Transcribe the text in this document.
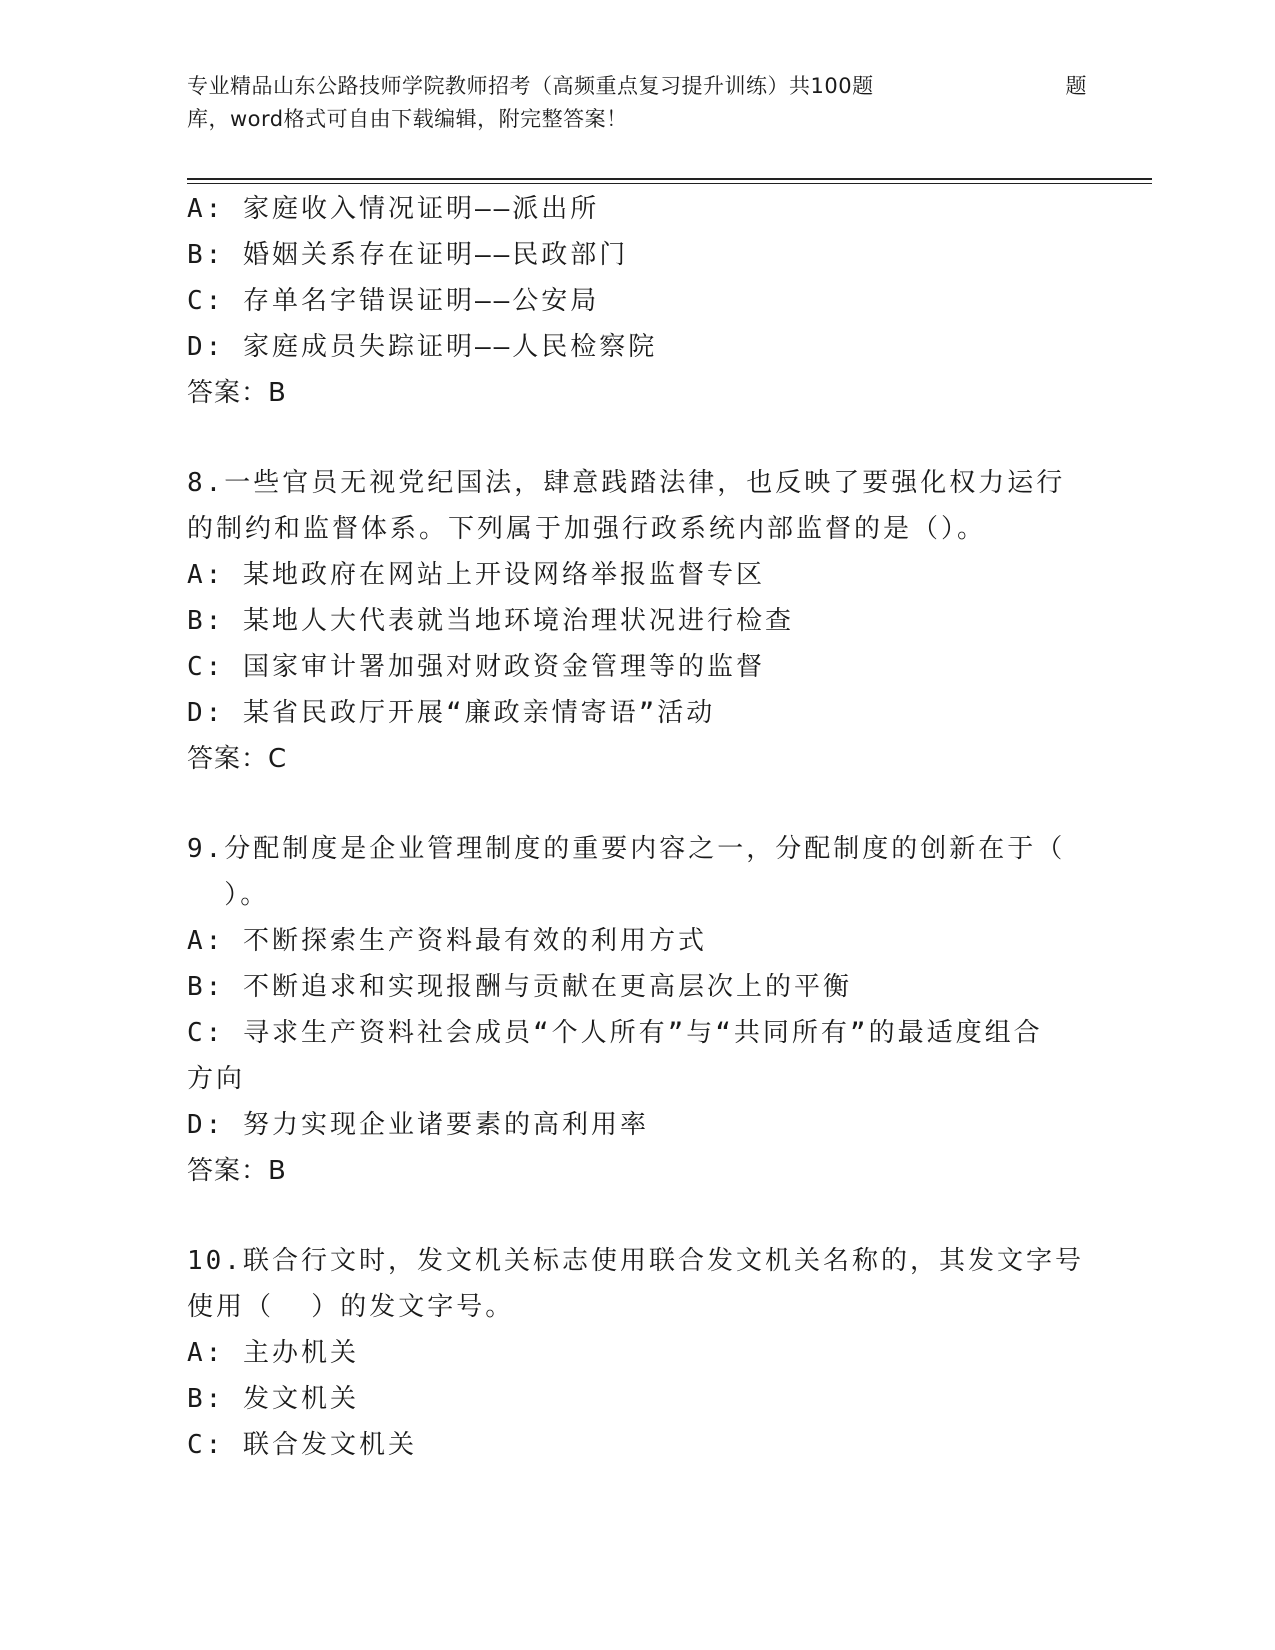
专业精品山东公路技师学院教师招考（高频重点复习提升训练）共100题	题
库，word格式可自由下载编辑，附完整答案！
A: 家庭收入情况证明——派出所
B: 婚姻关系存在证明——民政部门
C: 存单名字错误证明——公安局
D: 家庭成员失踪证明——人民检察院
答案：B
8.一些官员无视党纪国法，肆意践踏法律，也反映了要强化权力运行
的制约和监督体系。下列属于加强行政系统内部监督的是（）。
A: 某地政府在网站上开设网络举报监督专区
B: 某地人大代表就当地环境治理状况进行检查
C: 国家审计署加强对财政资金管理等的监督
D: 某省民政厅开展“廉政亲情寄语”活动
答案：C
9.分配制度是企业管理制度的重要内容之一，分配制度的创新在于（
）。
A: 不断探索生产资料最有效的利用方式
B: 不断追求和实现报酬与贡献在更高层次上的平衡
C: 寻求生产资料社会成员“个人所有”与“共同所有”的最适度组合
方向
D: 努力实现企业诸要素的高利用率
答案：B
10.联合行文时，发文机关标志使用联合发文机关名称的，其发文字号
使用（  ）的发文字号。
A: 主办机关
B: 发文机关
C: 联合发文机关
